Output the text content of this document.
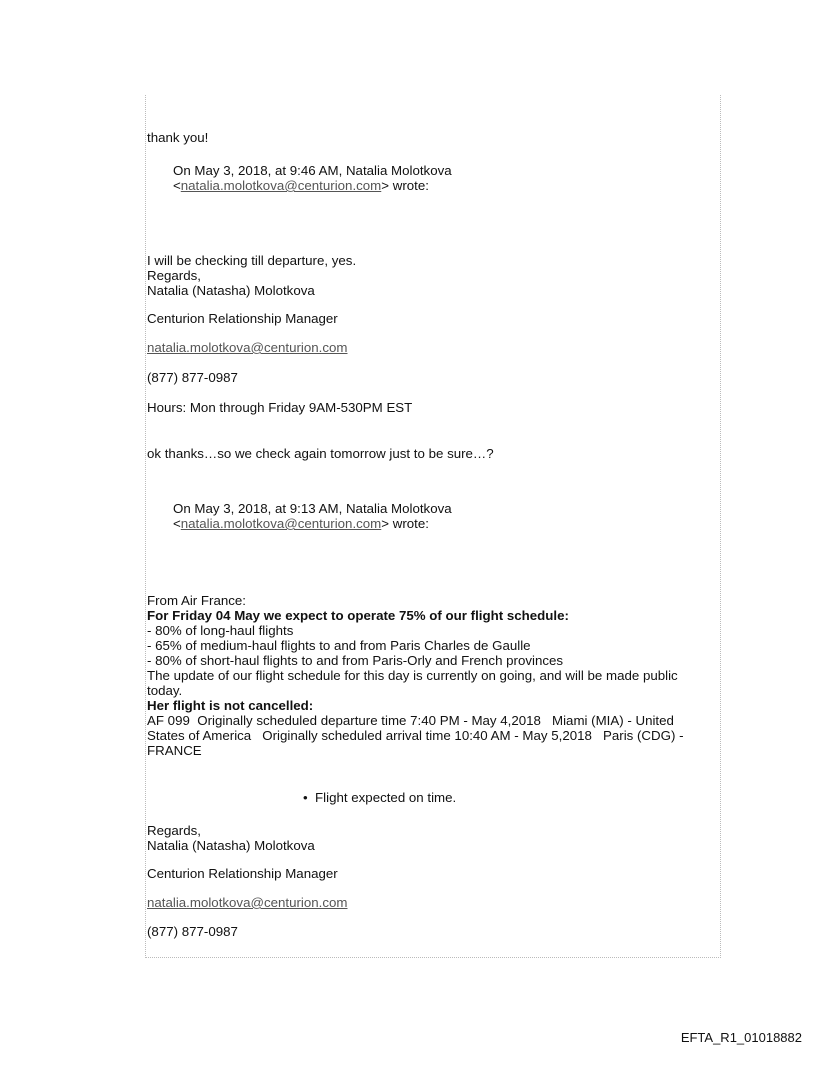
thank you!
On May 3, 2018, at 9:46 AM, Natalia Molotkova
<natalia.molotkova@centurion.com> wrote:
I will be checking till departure, yes.
Regards,
Natalia (Natasha) Molotkova
Centurion Relationship Manager
natalia.molotkova@centurion.com
(877) 877-0987
Hours: Mon through Friday 9AM-530PM EST
ok thanks…so we check again tomorrow just to be sure…?
On May 3, 2018, at 9:13 AM, Natalia Molotkova
<natalia.molotkova@centurion.com> wrote:
From Air France:
For Friday 04 May we expect to operate 75% of our flight schedule:
- 80% of long-haul flights
- 65% of medium-haul flights to and from Paris Charles de Gaulle
- 80% of short-haul flights to and from Paris-Orly and French provinces
The update of our flight schedule for this day is currently on going, and will be made public
today.
Her flight is not cancelled:
AF 099  Originally scheduled departure time 7:40 PM - May 4,2018   Miami (MIA) - United
States of America   Originally scheduled arrival time 10:40 AM - May 5,2018   Paris (CDG) -
FRANCE
• Flight expected on time.
Regards,
Natalia (Natasha) Molotkova
Centurion Relationship Manager
natalia.molotkova@centurion.com
(877) 877-0987
EFTA_R1_01018882
